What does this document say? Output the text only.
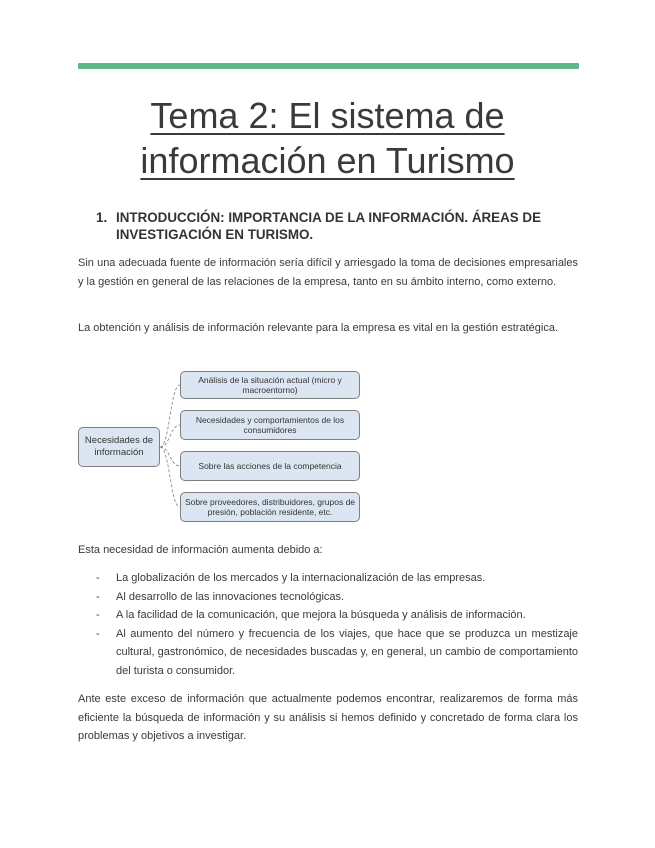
Tema 2: El sistema de
información en Turismo
1. INTRODUCCIÓN: IMPORTANCIA DE LA INFORMACIÓN. ÁREAS DE INVESTIGACIÓN EN TURISMO.

Sin una adecuada fuente de información sería difícil y arriesgado la toma de decisiones empresariales y la gestión en general de las relaciones de la empresa, tanto en su ámbito interno, como externo.

La obtención y análisis de información relevante para la empresa es vital en la gestión estratégica.

Necesidades de información
Análisis de la situación actual (micro y macroentorno)
Necesidades y comportamientos de los consumidores
Sobre las acciones de la competencia
Sobre proveedores, distribuidores, grupos de presión, población residente, etc.

Esta necesidad de información aumenta debido a:

- La globalización de los mercados y la internacionalización de las empresas.
- Al desarrollo de las innovaciones tecnológicas.
- A la facilidad de la comunicación, que mejora la búsqueda y análisis de información.
- Al aumento del número y frecuencia de los viajes, que hace que se produzca un mestizaje cultural, gastronómico, de necesidades buscadas y, en general, un cambio de comportamiento del turista o consumidor.

Ante este exceso de información que actualmente podemos encontrar, realizaremos de forma más eficiente la búsqueda de información y su análisis si hemos definido y concretado de forma clara los problemas y objetivos a investigar.
